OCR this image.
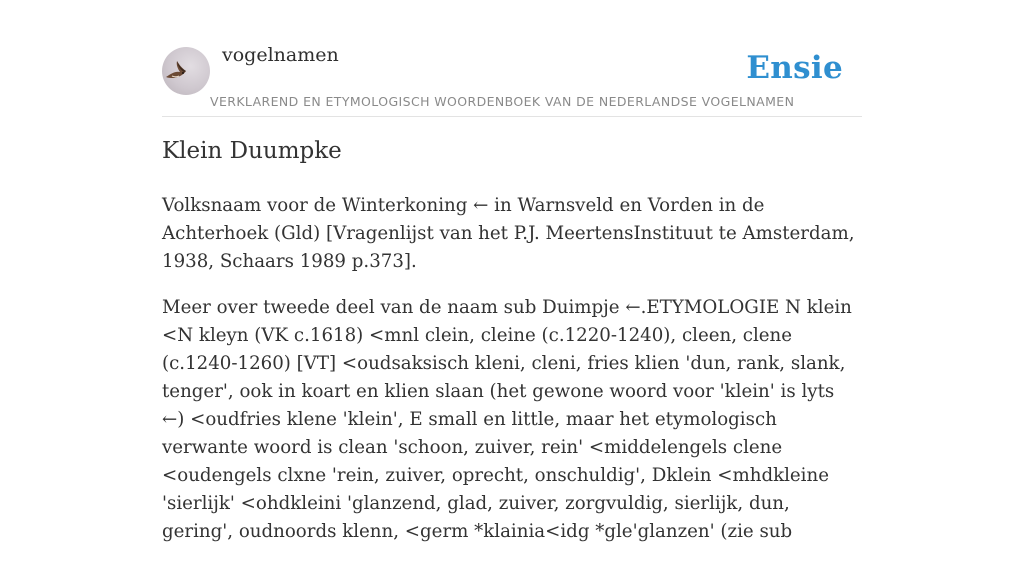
vogelnamen
VERKLAREND EN ETYMOLOGISCH WOORDENBOEK VAN DE NEDERLANDSE VOGELNAMEN
Ensie
Klein Duumpke

Volksnaam voor de Winterkoning ← in Warnsveld en Vorden in de Achterhoek (Gld) [Vragenlijst van het P.J. MeertensInstituut te Amsterdam, 1938, Schaars 1989 p.373].

Meer over tweede deel van de naam sub Duimpje ←.ETYMOLOGIE N klein <N kleyn (VK c.1618) <mnl clein, cleine (c.1220-1240), cleen, clene (c.1240-1260) [VT] <oudsaksisch kleni, cleni, fries klien 'dun, rank, slank, tenger', ook in koart en klien slaan (het gewone woord voor 'klein' is lyts ←) <oudfries klene 'klein', E small en little, maar het etymologisch verwante woord is clean 'schoon, zuiver, rein' <middelengels clene <oudengels clxne 'rein, zuiver, oprecht, onschuldig', Dklein <mhdkleine 'sierlijk' <ohdkleini 'glanzend, glad, zuiver, zorgvuldig, sierlijk, dun, gering', oudnoords klenn, <germ *klainia<idg *gle'glanzen' (zie sub
